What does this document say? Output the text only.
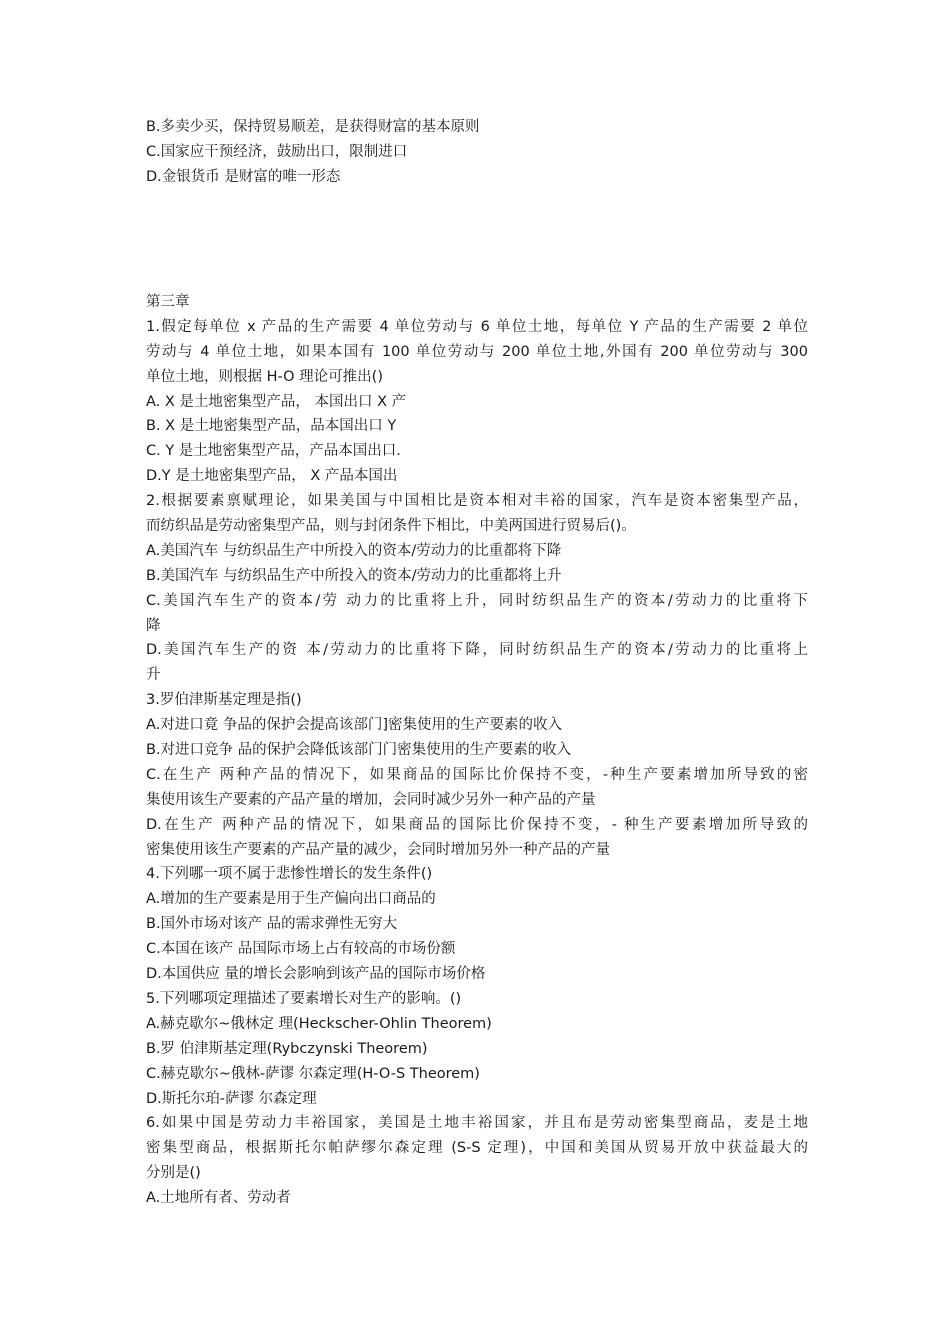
B.多卖少买，保持贸易顺差，是获得财富的基本原则
C.国家应干预经济，鼓励出口，限制进口
D.金银货币 是财富的唯一形态
第三章
1.假定每单位 x 产品的生产需要 4 单位劳动与 6 单位土地，每单位 Y 产品的生产需要 2 单位
劳动与 4 单位土地，如果本国有 100 单位劳动与 200 单位土地,外国有 200 单位劳动与 300
单位土地，则根据 H-O 理论可推出()
A. X 是土地密集型产品， 本国出口 X 产
B. X 是土地密集型产品，品本国出口 Y
C. Y 是土地密集型产品，产品本国出口.
D.Y 是土地密集型产品， X 产品本国出
2.根据要素禀赋理论，如果美国与中国相比是资本相对丰裕的国家，汽车是资本密集型产品，
而纺织品是劳动密集型产品，则与封闭条件下相比，中美两国进行贸易后()。
A.美国汽车 与纺织品生产中所投入的资本/劳动力的比重都将下降
B.美国汽车 与纺织品生产中所投入的资本/劳动力的比重都将上升
C.美国汽车生产的资本/劳 动力的比重将上升，同时纺织品生产的资本/劳动力的比重将下
降
D.美国汽车生产的资 本/劳动力的比重将下降，同时纺织品生产的资本/劳动力的比重将上
升
3.罗伯津斯基定理是指()
A.对进口竟 争品的保护会提高该部门]密集使用的生产要素的收入
B.对进口竞争 品的保护会降低该部门门密集使用的生产要素的收入
C.在生产 两种产品的情况下，如果商品的国际比价保持不变，-种生产要素增加所导致的密
集使用该生产要素的产品产量的增加，会同时减少另外一种产品的产量
D.在生产 两种产品的情况下，如果商品的国际比价保持不变，- 种生产要素增加所导致的
密集使用该生产要素的产品产量的减少，会同时增加另外一种产品的产量
4.下列哪一项不属于悲惨性增长的发生条件()
A.增加的生产要素是用于生产偏向出口商品的
B.国外市场对该产 品的需求弹性无穷大
C.本国在该产 品国际市场上占有较高的市场份额
D.本国供应 量的增长会影响到该产品的国际市场价格
5.下列哪项定理描述了要素增长对生产的影响。()
A.赫克歇尔~俄林定 理(Heckscher-Ohlin Theorem)
B.罗 伯津斯基定理(Rybczynski Theorem)
C.赫克歇尔~俄林-萨谬 尔森定理(H-O-S Theorem)
D.斯托尔珀-萨谬 尔森定理
6.如果中国是劳动力丰裕国家，美国是土地丰裕国家，并且布是劳动密集型商品，麦是土地
密集型商品，根据斯托尔帕萨缪尔森定理 (S-S 定理)，中国和美国从贸易开放中获益最大的
分别是()
A.土地所有者、劳动者
